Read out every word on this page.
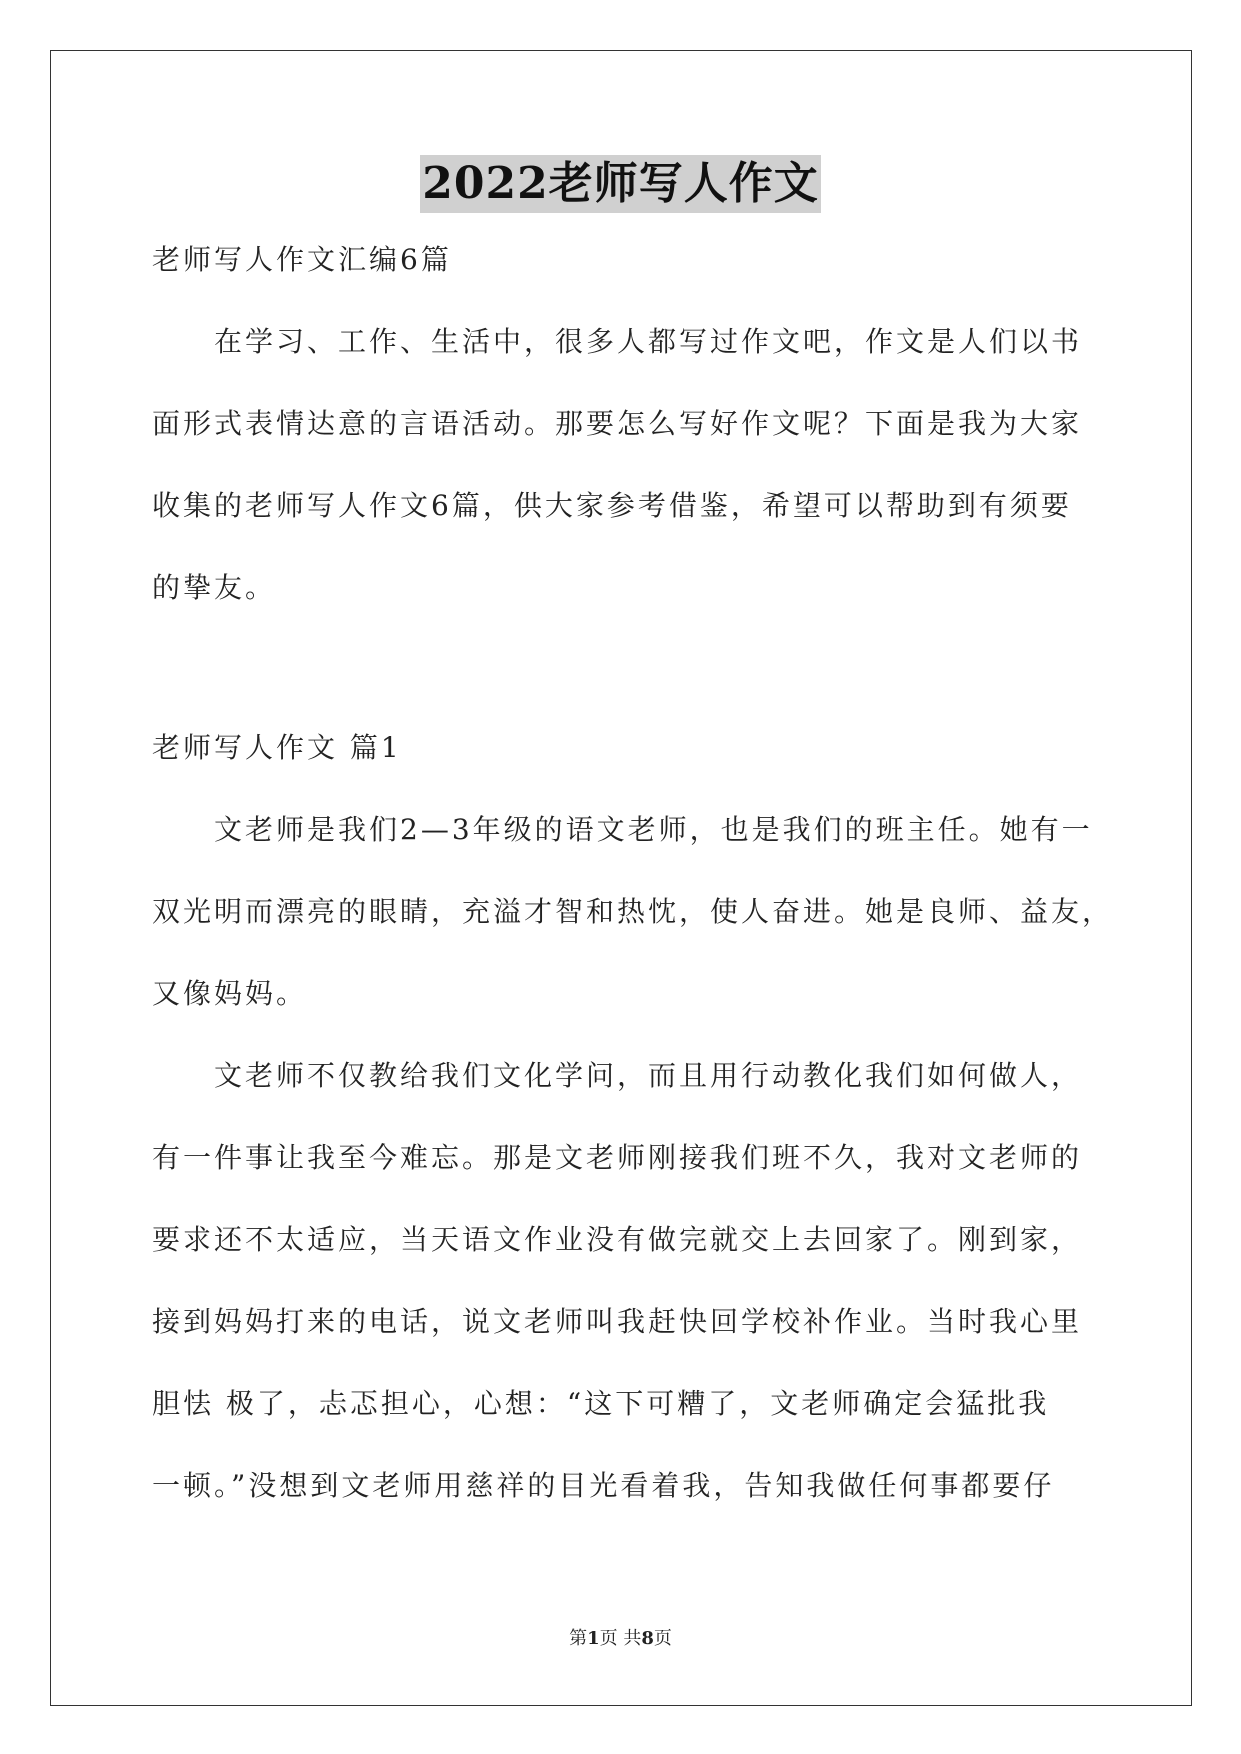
2022老师写人作文
老师写人作文汇编6篇
在学习、工作、生活中，很多人都写过作文吧，作文是人们以书
面形式表情达意的言语活动。那要怎么写好作文呢？下面是我为大家
收集的老师写人作文6篇，供大家参考借鉴，希望可以帮助到有须要
的挚友。
老师写人作文 篇1
文老师是我们2—3年级的语文老师，也是我们的班主任。她有一
双光明而漂亮的眼睛，充溢才智和热忱，使人奋进。她是良师、益友，
又像妈妈。
文老师不仅教给我们文化学问，而且用行动教化我们如何做人，
有一件事让我至今难忘。那是文老师刚接我们班不久，我对文老师的
要求还不太适应，当天语文作业没有做完就交上去回家了。刚到家，
接到妈妈打来的电话，说文老师叫我赶快回学校补作业。当时我心里
胆怯 极了，忐忑担心，心想：“这下可糟了，文老师确定会猛批我
一顿。”没想到文老师用慈祥的目光看着我，告知我做任何事都要仔
第1页 共8页
